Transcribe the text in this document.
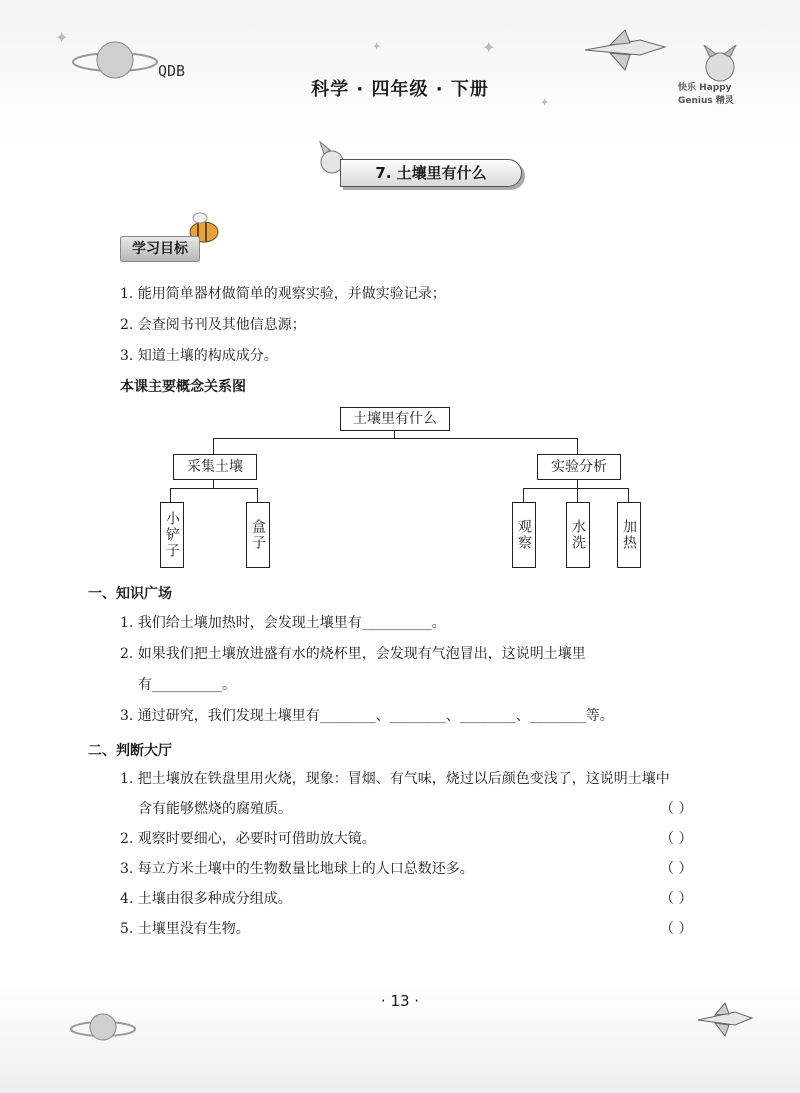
QDB
科学 · 四年级 · 下册
✦
✦
✦
✦
快乐 Happy Genius 精灵
7. 土壤里有什么
学习目标
1. 能用简单器材做简单的观察实验，并做实验记录；
2. 会查阅书刊及其他信息源；
3. 知道土壤的构成成分。
本课主要概念关系图
土壤里有什么
采集土壤	实验分析
小铲子	盒子	观察	水洗	加热
一、知识广场
1. 我们给土壤加热时，会发现土壤里有__________。
2. 如果我们把土壤放进盛有水的烧杯里，会发现有气泡冒出，这说明土壤里
有__________。
3. 通过研究，我们发现土壤里有________、________、________、________等。
二、判断大厅
1. 把土壤放在铁盘里用火烧，现象：冒烟、有气味，烧过以后颜色变浅了，这说明土壤中
含有能够燃烧的腐殖质。	（ ）
2. 观察时要细心，必要时可借助放大镜。	（ ）
3. 每立方米土壤中的生物数量比地球上的人口总数还多。	（ ）
4. 土壤由很多种成分组成。	（ ）
5. 土壤里没有生物。	（ ）
· 13 ·
